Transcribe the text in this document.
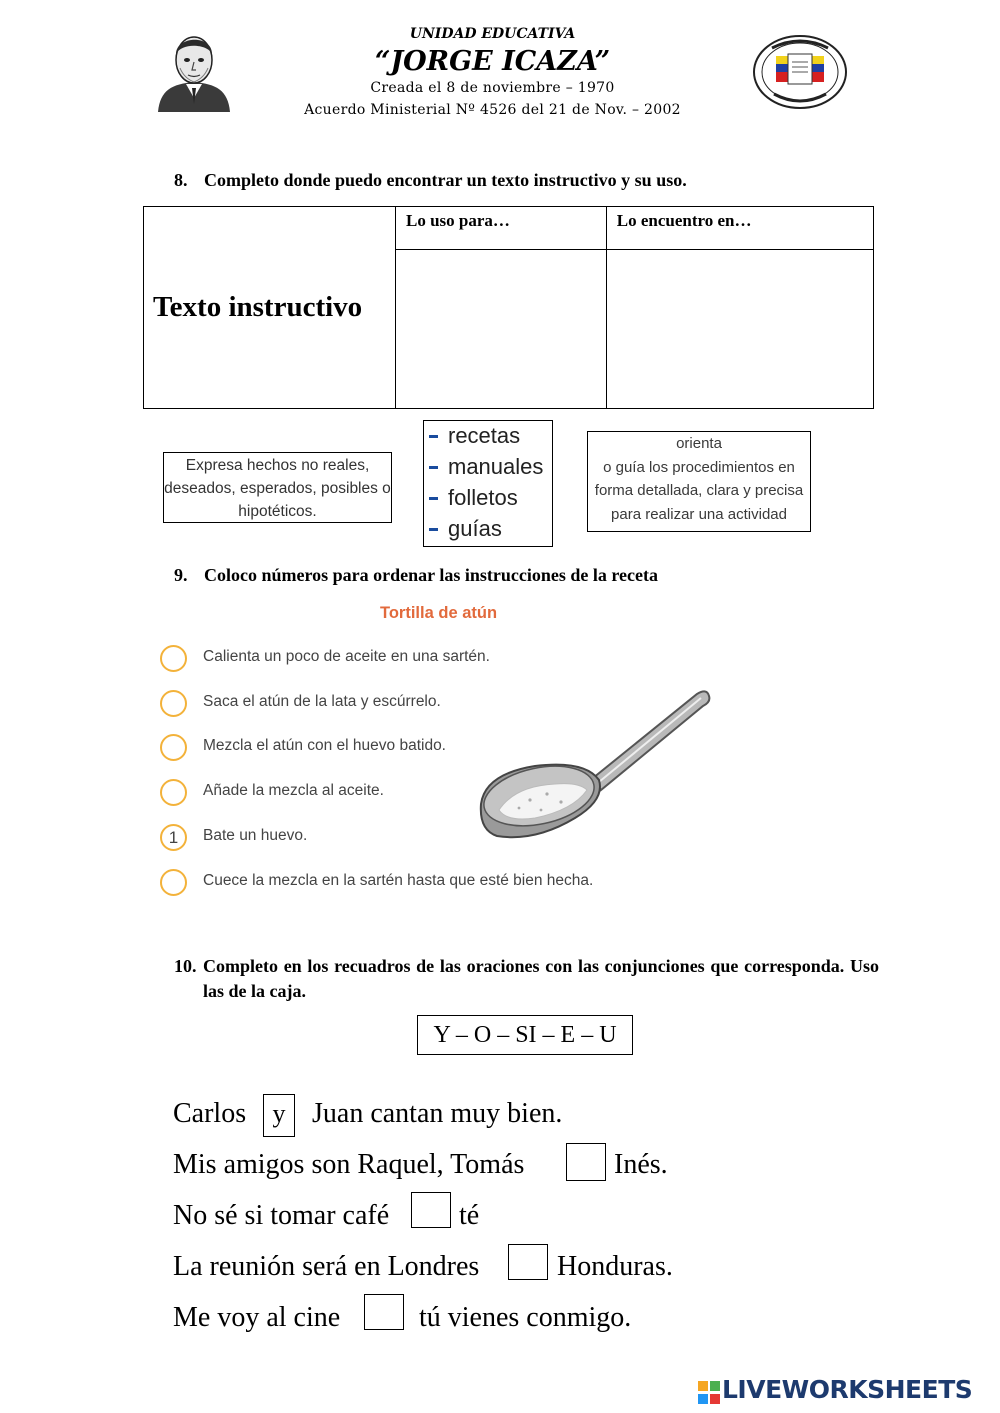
UNIDAD EDUCATIVA
“JORGE ICAZA”
Creada el 8 de noviembre – 1970
Acuerdo Ministerial Nº 4526 del 21 de Nov. – 2002
8. Completo donde puedo encontrar un texto instructivo y su uso.
Texto instructivo	Lo uso para…	Lo encuentro en…

Expresa hechos no reales, deseados, esperados, posibles o hipotéticos.
recetas
manuales
folletos
guías
orienta
o guía los procedimientos en forma detallada, clara y precisa para realizar una actividad
9. Coloco números para ordenar las instrucciones de la receta
Tortilla de atún
Calienta un poco de aceite en una sartén.
Saca el atún de la lata y escúrrelo.
Mezcla el atún con el huevo batido.
Añade la mezcla al aceite.
1	Bate un huevo.
Cuece la mezcla en la sartén hasta que esté bien hecha.
10. Completo en los recuadros de las oraciones con las conjunciones que corresponda. Uso las de la caja.
Y – O – SI – E – U
Carlos	y Juan cantan muy bien.
Mis amigos son Raquel, Tomás	Inés.
No sé si tomar café té
La reunión será en Londres	Honduras.
Me voy al cine	tú vienes conmigo.
LIVEWORKSHEETS
